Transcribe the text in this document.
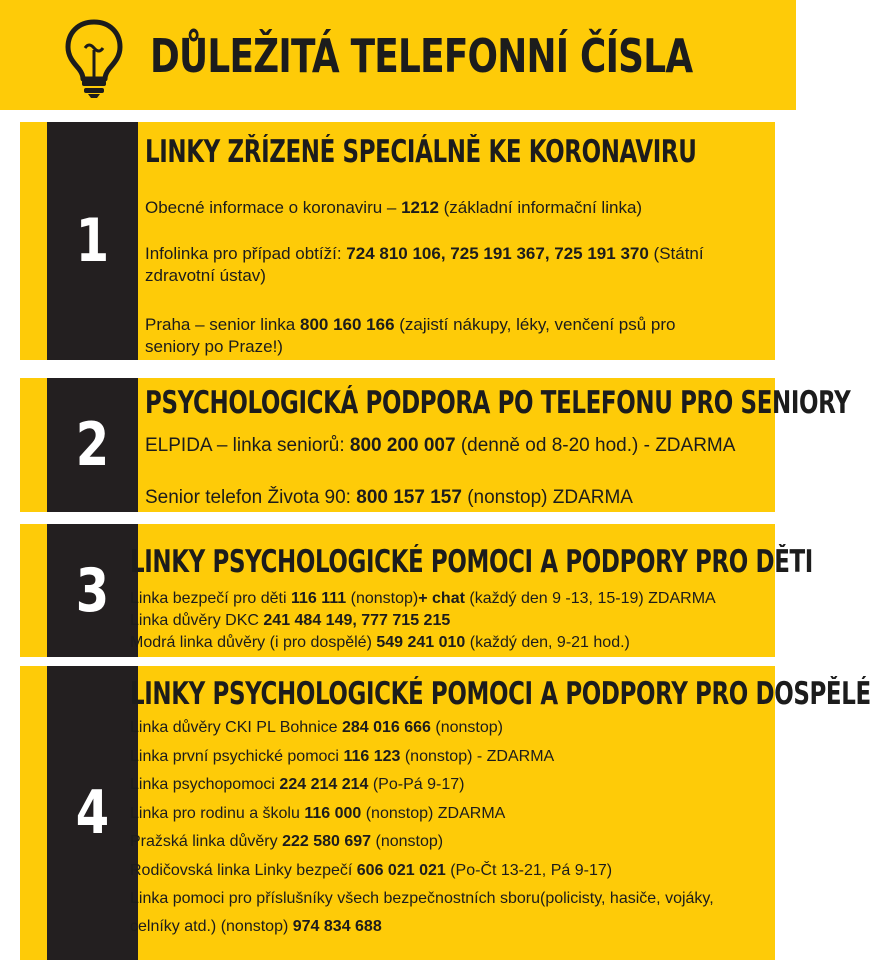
DŮLEŽITÁ TELEFONNÍ ČÍSLA
1
LINKY ZŘÍZENÉ SPECIÁLNĚ KE KORONAVIRU
Obecné informace o koronaviru – 1212 (základní informační linka)
Infolinka pro případ obtíží: 724 810 106, 725 191 367, 725 191 370 (Státní
zdravotní ústav)
Praha – senior linka 800 160 166 (zajistí nákupy, léky, venčení psů pro
seniory po Praze!)
2
PSYCHOLOGICKÁ PODPORA PO TELEFONU PRO SENIORY
ELPIDA – linka seniorů: 800 200 007 (denně od 8-20 hod.) - ZDARMA
Senior telefon Života 90: 800 157 157 (nonstop) ZDARMA
3 LINKY PSYCHOLOGICKÉ POMOCI A PODPORY PRO DĚTI
Linka bezpečí pro děti 116 111 (nonstop)+ chat (každý den 9 -13, 15-19) ZDARMA
Linka důvěry DKC 241 484 149, 777 715 215
Modrá linka důvěry (i pro dospělé) 549 241 010 (každý den, 9-21 hod.)
4
LINKY PSYCHOLOGICKÉ POMOCI A PODPORY PRO DOSPĚLÉ
Linka důvěry CKI PL Bohnice 284 016 666 (nonstop)
Linka první psychické pomoci 116 123 (nonstop) - ZDARMA
Linka psychopomoci 224 214 214 (Po-Pá 9-17)
Linka pro rodinu a školu 116 000 (nonstop) ZDARMA
Pražská linka důvěry 222 580 697 (nonstop)
Rodičovská linka Linky bezpečí 606 021 021 (Po-Čt 13-21, Pá 9-17)
Linka pomoci pro příslušníky všech bezpečnostních sboru(policisty, hasiče, vojáky,
celníky atd.) (nonstop) 974 834 688
